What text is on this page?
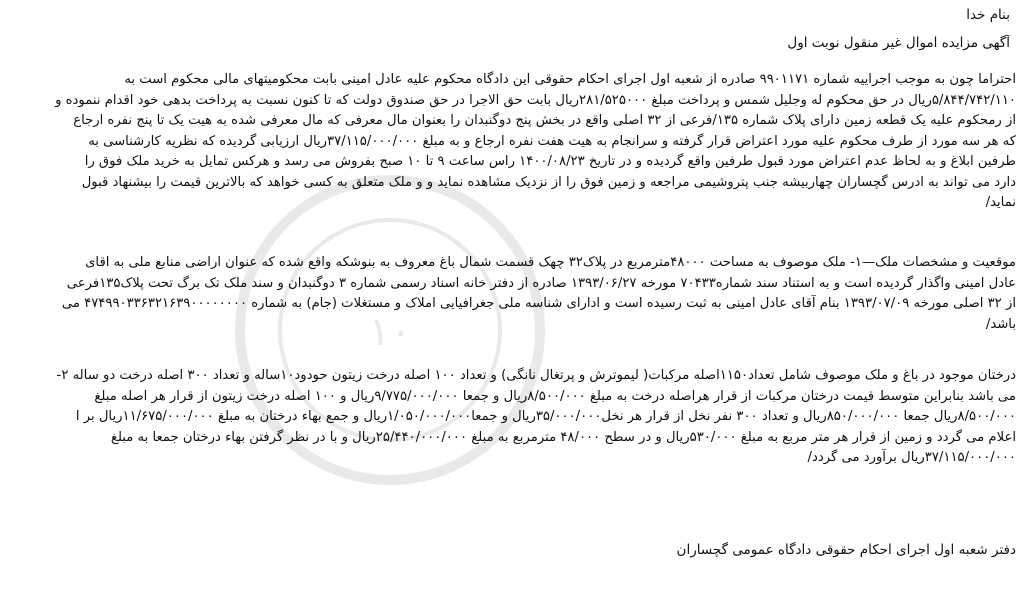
۱۰
بنام خدا
آگهی مزایده اموال غیر منقول نوبت اول
احتراما چون به موجب اجراییه شماره ۹۹۰۱۱۷۱ صادره از شعبه اول اجرای احکام حقوقی این دادگاه محکوم علیه عادل امینی بابت محکومیتهای مالی محکوم است به
۵/۸۴۴/۷۴۲/۱۱۰ریال در حق محکوم له وجلیل شمس و پرداخت مبلغ ۲۸۱/۵۲۵۰۰۰ریال بابت حق الاجرا در حق صندوق دولت که تا کنون نسبت به پرداخت بدهی خود اقدام ننموده و
از رمحکوم علیه یک قطعه زمین دارای پلاک شماره ۱۳۵/فرعی از ۳۲ اصلی واقع در بخش پنج دوگنبدان را بعنوان مال معرفی که مال معرفی شده به هیت یک تا پنج نفره ارجاع
که هر سه مورد از طرف محکوم علیه مورد اعتراض قرار گرفته و سرانجام به هیت هفت نفره ارجاع و به مبلغ ۳۷/۱۱۵/۰۰۰/۰۰۰ریال ارزیابی گردیده که نظریه کارشناسی به
طرفین ابلاغ و به لحاظ عدم اعتراض مورد قبول طرفین واقع گردیده و در تاریخ ۱۴۰۰/۰۸/۲۳ راس ساعت ۹ تا ۱۰ صبح بفروش می رسد و هرکس تمایل به خرید ملک فوق را
دارد می تواند به ادرس گچساران چهاربیشه جنب پتروشیمی مراجعه و زمین فوق را از نزدیک مشاهده نماید و و ملک متعلق به کسی خواهد که بالاترین قیمت را بیشنهاد قبول
نماید/
موقعیت و مشخصات ملک—۱- ملک موصوف به مساحت ۴۸۰۰۰مترمربع در پلاک۳۲ چهک قسمت شمال باغ معروف به بنوشکه واقع شده که عنوان اراضی منابع ملی به اقای
عادل امینی واگذار گردیده است و به استناد سند شماره۷۰۴۳۳ مورخه ۱۳۹۳/۰۶/۲۷ صادره از دفتر خانه اسناد رسمی شماره ۳ دوگنبدان و سند ملک تک برگ تحت پلاک۱۳۵فرعی
از ۳۲ اصلی مورخه ۱۳۹۳/۰۷/۰۹ بنام آقای عادل امینی به ثبت رسیده است و ادارای شناسه ملی جغرافیایی املاک و مستغلات (جام) به شماره ۴۷۴۹۹۰۳۳۶۳۲۱۶۳۹۰۰۰۰۰۰۰۰ می
باشد/
درختان موجود در باغ و ملک موصوف شامل تعداد۱۱۵۰اصله مرکبات( لیموترش و پرتغال نانگی) و تعداد ۱۰۰ اصله درخت زیتون حودود۱۰ساله و تعداد ۳۰۰ اصله درخت دو ساله ۲-
می باشد بنابراین متوسط قیمت درختان مرکبات از قرار هراصله درخت به مبلغ ۸/۵۰۰/۰۰۰ریال و جمعا ۹/۷۷۵/۰۰۰/۰۰۰ریال و ۱۰۰ اصله درخت زیتون از قرار هر اصله مبلغ
۸/۵۰۰/۰۰۰ریال جمعا ۸۵۰/۰۰۰/۰۰۰ریال و تعداد ۳۰۰ نفر نخل از قرار هر نخل۳۵/۰۰۰/۰۰۰ریال و جمعا۱/۰۵۰/۰۰۰/۰۰۰ریال و جمع بهاء درختان به مبلغ ۱۱/۶۷۵/۰۰۰/۰۰۰ریال بر ا
اعلام می گردد و زمین از قرار هر متر مربع به مبلغ ۵۳۰/۰۰۰ریال و در سطح ۴۸/۰۰۰ مترمربع به مبلغ ۲۵/۴۴۰/۰۰۰/۰۰۰ریال و با در نظر گرفتن بهاء درختان جمعا به مبلغ
۳۷/۱۱۵/۰۰۰/۰۰۰ریال برآورد می گردد/
دفتر شعبه اول اجرای احکام حقوقی دادگاه عمومی گچساران
